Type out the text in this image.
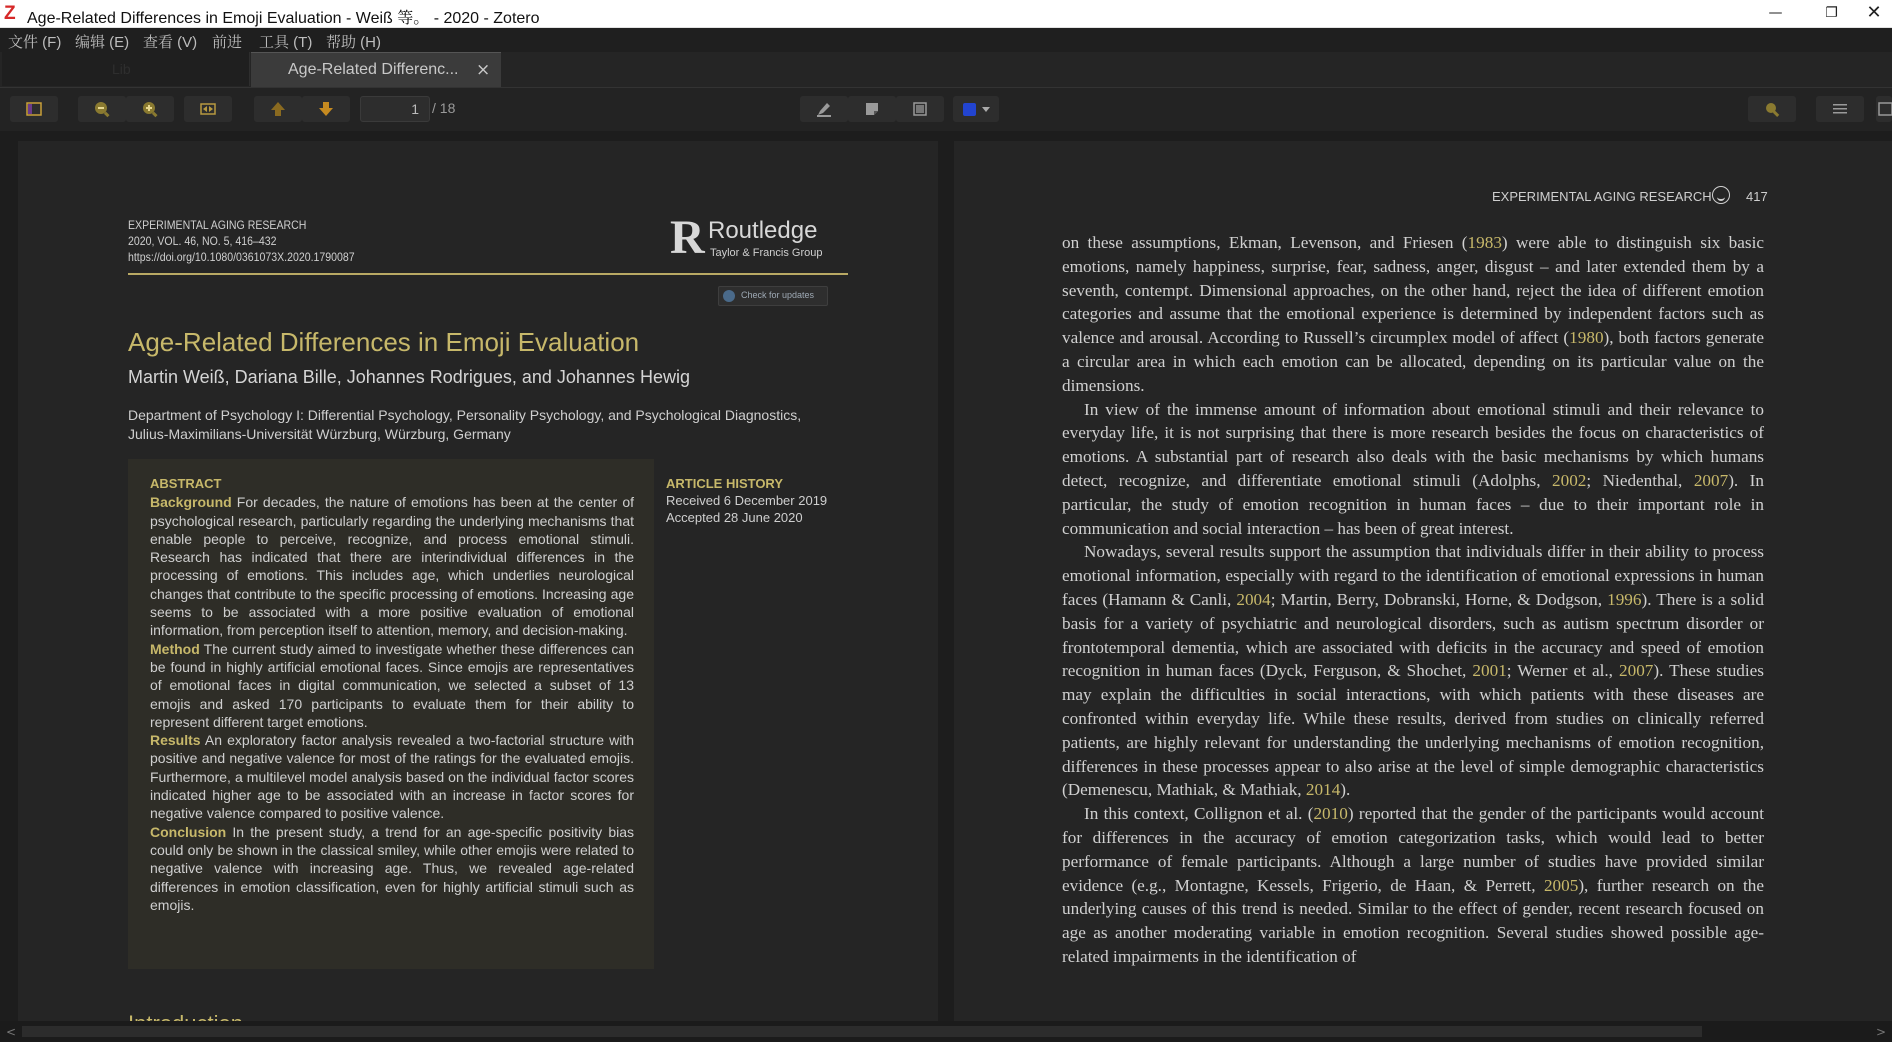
Z Age-Related Differences in Emoji Evaluation - Weiß 等。 - 2020 - Zotero	—	❐	✕
文件 (F) 编辑 (E) 查看 (V) 前进 工具 (T) 帮助 (H)
Lib	Age-Related Differenc... ×
1 / 18
EXPERIMENTAL AGING RESEARCH
2020, VOL. 46, NO. 5, 416–432
https://doi.org/10.1080/0361073X.2020.1790087	R Routledge
Taylor & Francis Group
Check for updates
Age-Related Differences in Emoji Evaluation
Martin Weiß, Dariana Bille, Johannes Rodrigues, and Johannes Hewig
Department of Psychology I: Differential Psychology, Personality Psychology, and Psychological Diagnostics,
Julius-Maximilians-Universität Würzburg, Würzburg, Germany
ABSTRACT
Background For decades, the nature of emotions has been at the center of psychological research, particularly regarding the underlying mechanisms that enable people to perceive, recognize, and process emotional stimuli. Research has indicated that there are interindividual differences in the processing of emotions. This includes age, which underlies neurological changes that contribute to the specific processing of emotions. Increasing age seems to be associated with a more positive evaluation of emotional information, from perception itself to attention, memory, and decision-making.
Method The current study aimed to investigate whether these differences can be found in highly artificial emotional faces. Since emojis are representatives of emotional faces in digital communication, we selected a subset of 13 emojis and asked 170 participants to evaluate them for their ability to represent different target emotions.
Results An exploratory factor analysis revealed a two-factorial structure with positive and negative valence for most of the ratings for the evaluated emojis. Furthermore, a multilevel model analysis based on the individual factor scores indicated higher age to be associated with an increase in factor scores for negative valence compared to positive valence.
Conclusion In the present study, a trend for an age-specific positivity bias could only be shown in the classical smiley, while other emojis were related to negative valence with increasing age. Thus, we revealed age-related differences in emotion classification, even for highly artificial stimuli such as emojis.
ARTICLE HISTORY
Received 6 December 2019
Accepted 28 June 2020
EXPERIMENTAL AGING RESEARCH	417

on these assumptions, Ekman, Levenson, and Friesen (1983) were able to distinguish six basic emotions, namely happiness, surprise, fear, sadness, anger, disgust – and later extended them by a seventh, contempt. Dimensional approaches, on the other hand, reject the idea of different emotion categories and assume that the emotional experience is determined by independent factors such as valence and arousal. According to Russell’s circumplex model of affect (1980), both factors generate a circular area in which each emotion can be allocated, depending on its particular value on the dimensions.

In view of the immense amount of information about emotional stimuli and their relevance to everyday life, it is not surprising that there is more research besides the focus on characteristics of emotions. A substantial part of research also deals with the basic mechanisms by which humans detect, recognize, and differentiate emotional stimuli (Adolphs, 2002; Niedenthal, 2007). In particular, the study of emotion recognition in human faces – due to their important role in communication and social interaction – has been of great interest.

Nowadays, several results support the assumption that individuals differ in their ability to process emotional information, especially with regard to the identification of emotional expressions in human faces (Hamann & Canli, 2004; Martin, Berry, Dobranski, Horne, & Dodgson, 1996). There is a solid basis for a variety of psychiatric and neurological disorders, such as autism spectrum disorder or frontotemporal dementia, which are associated with deficits in the accuracy and speed of emotion recognition in human faces (Dyck, Ferguson, & Shochet, 2001; Werner et al., 2007). These studies may explain the difficulties in social interactions, with which patients with these diseases are confronted within everyday life. While these results, derived from studies on clinically referred patients, are highly relevant for understanding the underlying mechanisms of emotion recognition, differences in these processes appear to also arise at the level of simple demographic characteristics (Demenescu, Mathiak, & Mathiak, 2014).

In this context, Collignon et al. (2010) reported that the gender of the participants would account for differences in the accuracy of emotion categorization tasks, which would lead to better performance of female participants. Although a large number of studies have provided similar evidence (e.g., Montagne, Kessels, Frigerio, de Haan, & Perrett, 2005), further research on the underlying causes of this trend is needed. Similar to the effect of gender, recent research focused on age as another moderating variable in emotion recognition. Several studies showed possible age-related impairments in the identification of

<	>
